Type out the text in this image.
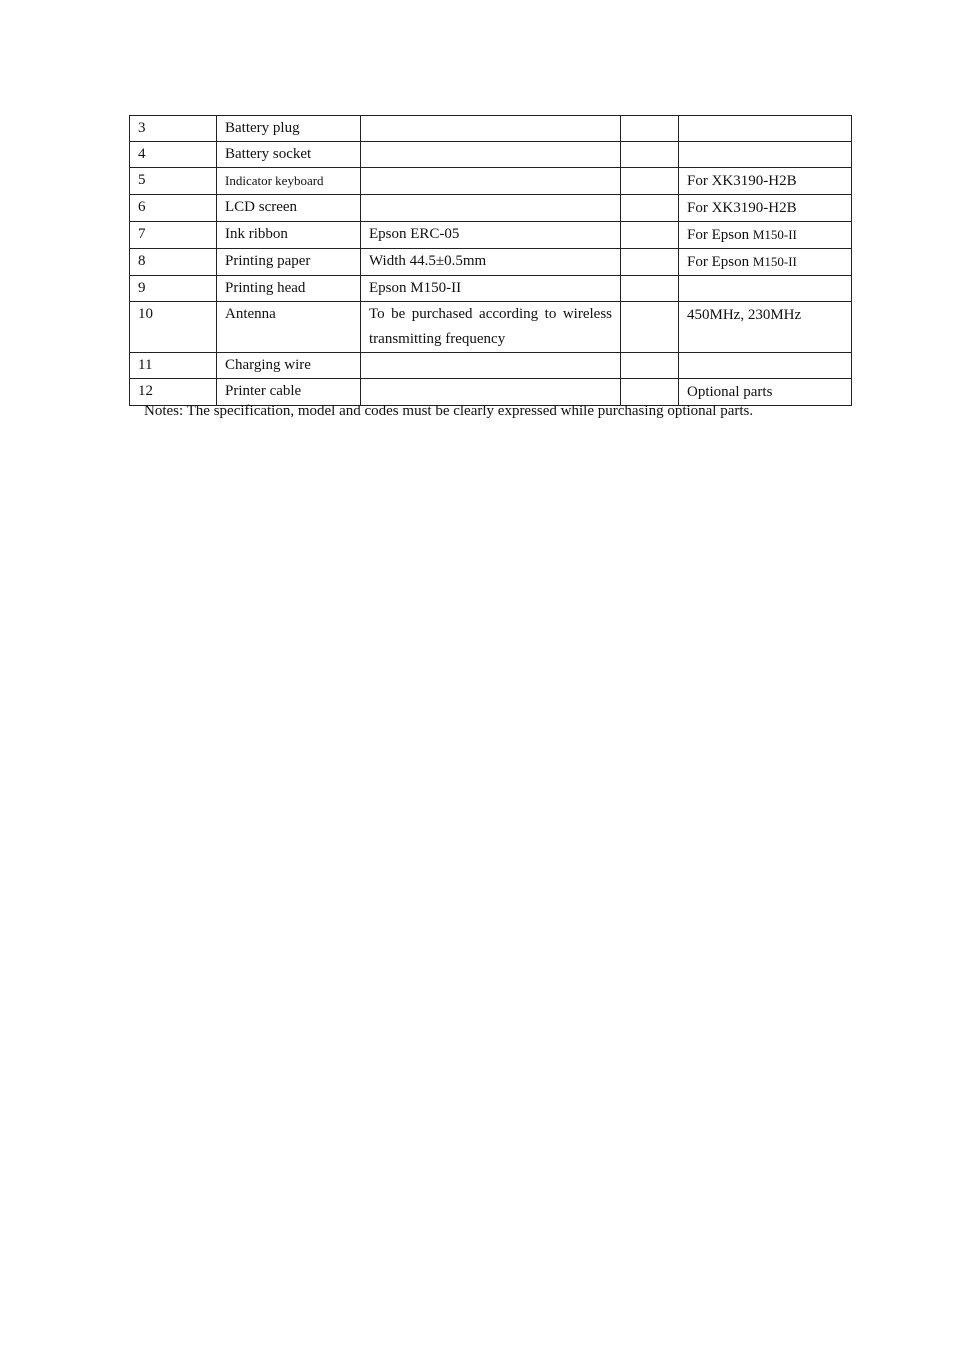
3	Battery plug			
4	Battery socket			
5	Indicator keyboard			For XK3190-H2B
6	LCD screen			For XK3190-H2B
7	Ink ribbon	Epson ERC-05		For Epson M150-II
8	Printing paper	Width 44.5±0.5mm		For Epson M150-II
9	Printing head	Epson M150-II		
10	Antenna	To be purchased according to wireless transmitting frequency		450MHz, 230MHz
11	Charging wire			
12	Printer cable			Optional parts

Notes: The specification, model and codes must be clearly expressed while purchasing optional parts.
